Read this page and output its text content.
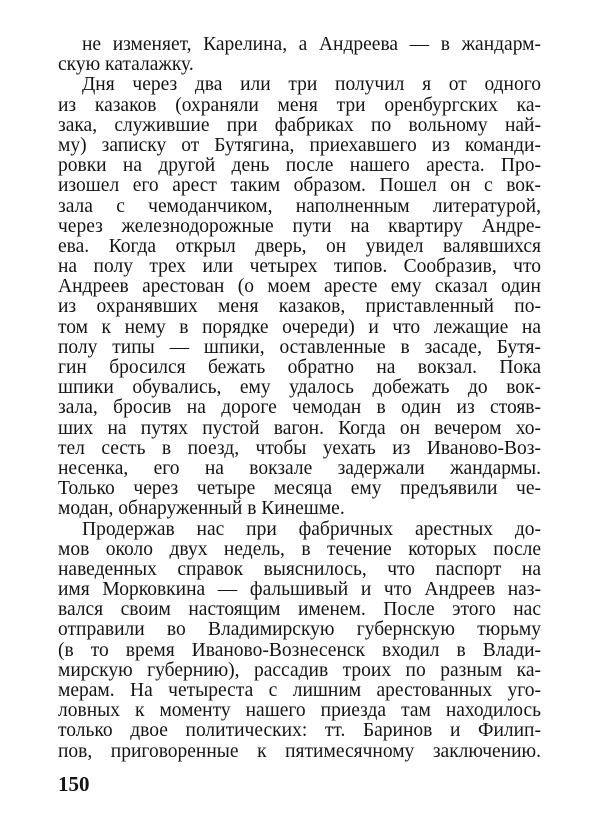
не изменяет, Карелина, а Андреева — в жандарм-
скую каталажку.
Дня через два или три получил я от одного
из казаков (охраняли меня три оренбургских ка-
зака, служившие при фабриках по вольному най-
му) записку от Бутягина, приехавшего из команди-
ровки на другой день после нашего ареста. Про-
изошел его арест таким образом. Пошел он с вок-
зала с чемоданчиком, наполненным литературой,
через железнодорожные пути на квартиру Андре-
ева. Когда открыл дверь, он увидел валявшихся
на полу трех или четырех типов. Сообразив, что
Андреев арестован (о моем аресте ему сказал один
из охранявших меня казаков, приставленный по-
том к нему в порядке очереди) и что лежащие на
полу типы — шпики, оставленные в засаде, Бутя-
гин бросился бежать обратно на вокзал. Пока
шпики обувались, ему удалось добежать до вок-
зала, бросив на дороге чемодан в один из стояв-
ших на путях пустой вагон. Когда он вечером хо-
тел сесть в поезд, чтобы уехать из Иваново-Воз-
несенка, его на вокзале задержали жандармы.
Только через четыре месяца ему предъявили че-
модан, обнаруженный в Кинешме.
Продержав нас при фабричных арестных до-
мов около двух недель, в течение которых после
наведенных справок выяснилось, что паспорт на
имя Морковкина — фальшивый и что Андреев наз-
вался своим настоящим именем. После этого нас
отправили во Владимирскую губернскую тюрьму
(в то время Иваново-Вознесенск входил в Влади-
мирскую губернию), рассадив троих по разным ка-
мерам. На четыреста с лишним арестованных уго-
ловных к моменту нашего приезда там находилось
только двое политических: тт. Баринов и Филип-
пов, приговоренные к пятимесячному заключению.
150
